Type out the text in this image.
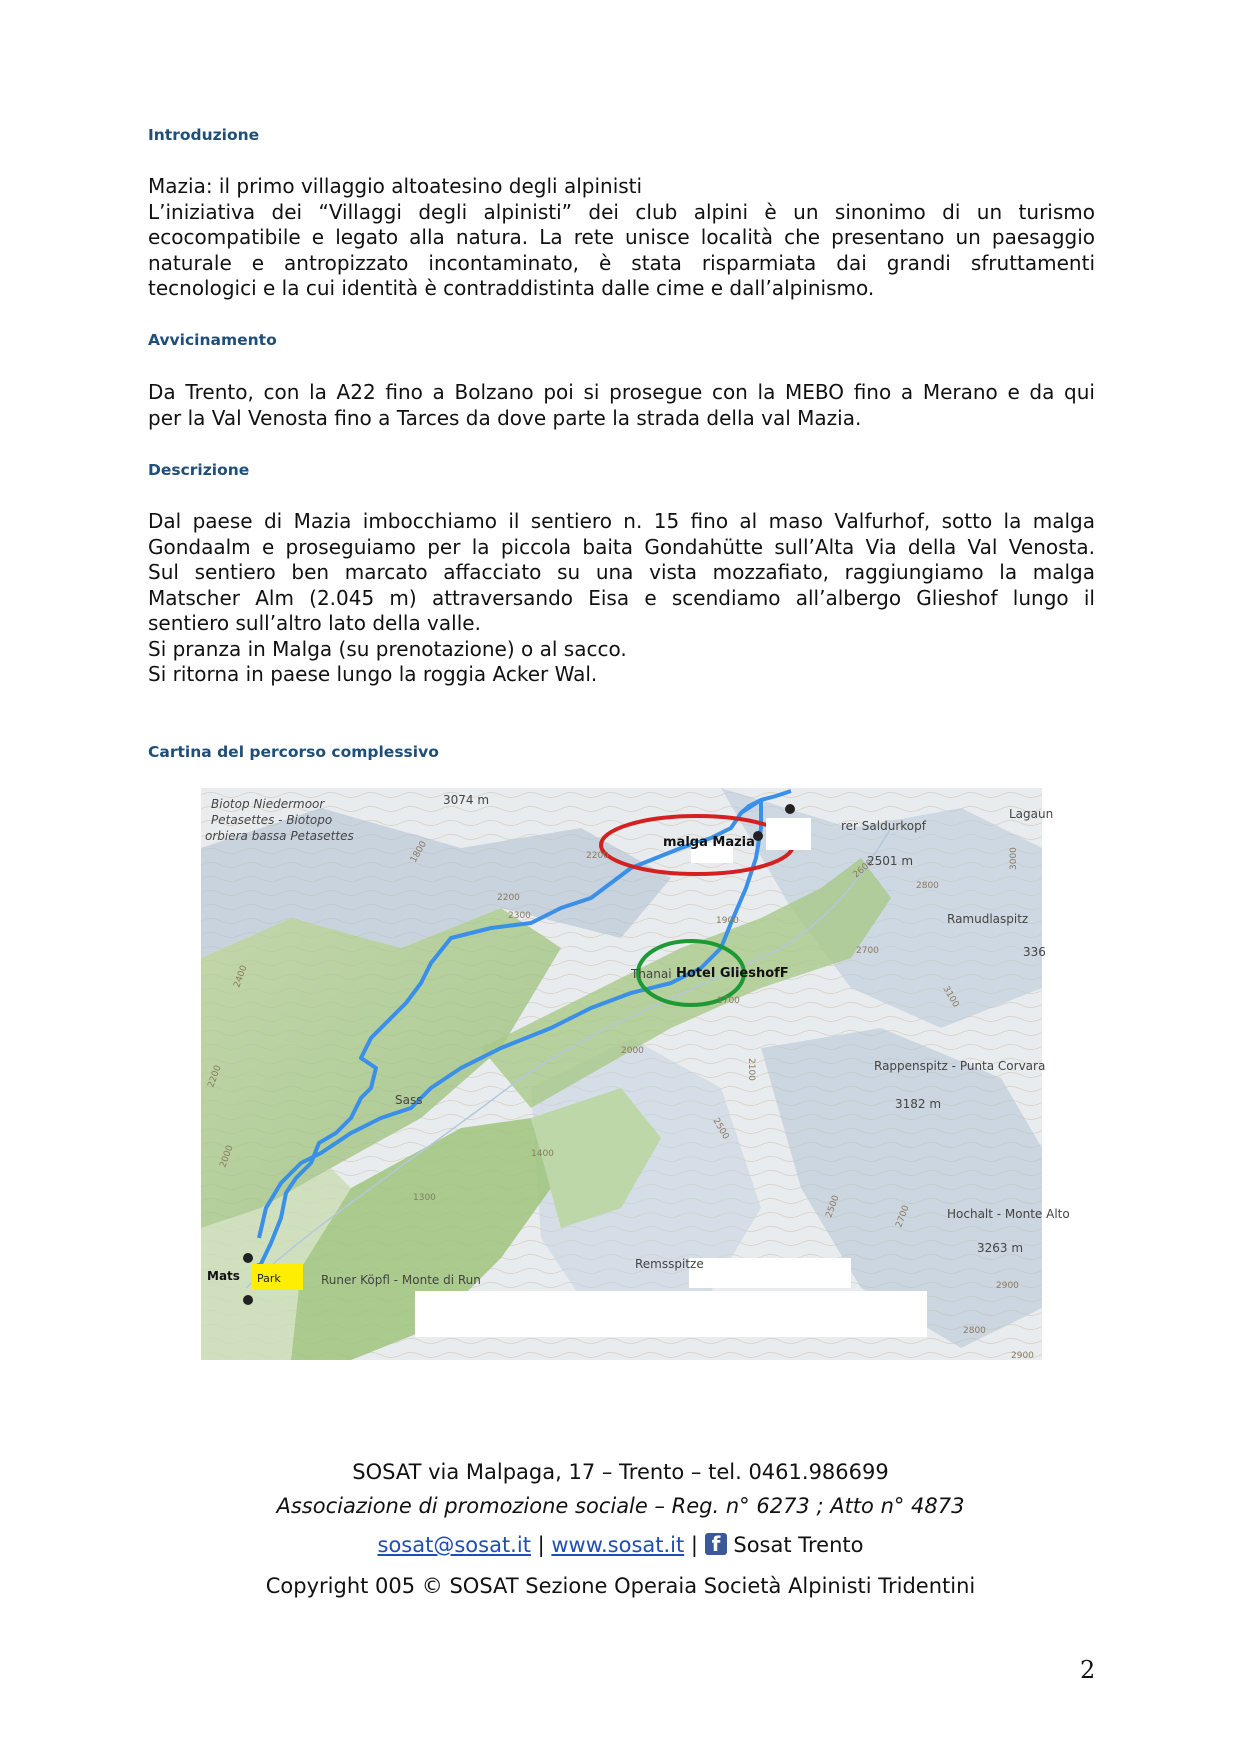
Introduzione
Mazia: il primo villaggio altoatesino degli alpinisti
L’iniziativa dei “Villaggi degli alpinisti” dei club alpini è un sinonimo di un turismo
ecocompatibile e legato alla natura. La rete unisce località che presentano un paesaggio
naturale e antropizzato incontaminato, è stata risparmiata dai grandi sfruttamenti
tecnologici e la cui identità è contraddistinta dalle cime e dall’alpinismo.
Avvicinamento
Da Trento, con la A22 fino a Bolzano poi si prosegue con la MEBO fino a Merano e da qui
per la Val Venosta fino a Tarces da dove parte la strada della val Mazia.
Descrizione
Dal paese di Mazia imbocchiamo il sentiero n. 15 fino al maso Valfurhof, sotto la malga
Gondaalm e proseguiamo per la piccola baita Gondahütte sull’Alta Via della Val Venosta.
Sul sentiero ben marcato affacciato su una vista mozzafiato, raggiungiamo la malga
Matscher Alm (2.045 m) attraversando Eisa e scendiamo all’albergo Glieshof lungo il
sentiero sull’altro lato della valle.
Si pranza in Malga (su prenotazione) o al sacco.
Si ritorna in paese lungo la roggia Acker Wal.
Cartina del percorso complessivo
Park
Biotop Niedermoor
Petasettes - Biotopo
orbiera bassa Petasettes
3074 m
malga Mazia
rer Saldurkopf
2501 m
Lagaun
Ramudlaspitz
336
Thanai Hotel GlieshofF
Rappenspitz - Punta Corvara
3182 m
Sass
Hochalt - Monte Alto
3263 m
Remsspitze
Runer Köpfl - Monte di Run
Mats
1800
2200
2300
2200
1900
1700
2000
2100
1400
2500
2600
2700
2800
3000
3100
2500	2700
2900
2200
2000
2400
2800
2900
1300
SOSAT via Malpaga, 17 – Trento – tel. 0461.986699
Associazione di promozione sociale – Reg. n° 6273 ; Atto n° 4873
sosat@sosat.it | www.sosat.it | f Sosat Trento
Copyright 005 © SOSAT Sezione Operaia Società Alpinisti Tridentini
2
